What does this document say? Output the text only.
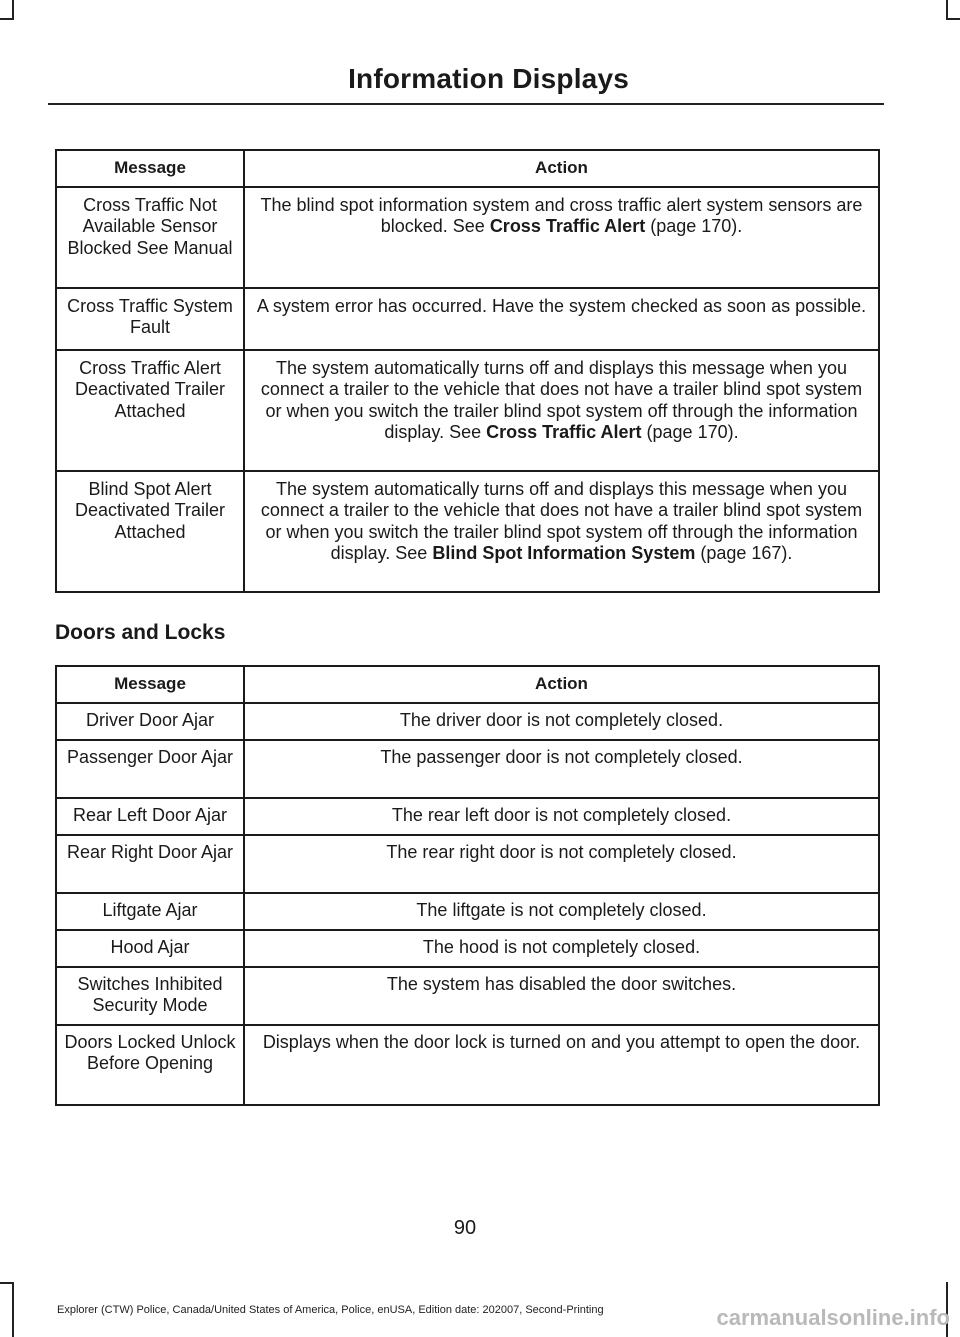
Information Displays
Message	Action
Cross Traffic Not Available Sensor Blocked See Manual	The blind spot information system and cross traffic alert system sensors are blocked. See Cross Traffic Alert (page 170).
Cross Traffic System Fault	A system error has occurred. Have the system checked as soon as possible.
Cross Traffic Alert Deactivated Trailer Attached	The system automatically turns off and displays this message when you connect a trailer to the vehicle that does not have a trailer blind spot system or when you switch the trailer blind spot system off through the information display. See Cross Traffic Alert (page 170).
Blind Spot Alert Deactivated Trailer Attached	The system automatically turns off and displays this message when you connect a trailer to the vehicle that does not have a trailer blind spot system or when you switch the trailer blind spot system off through the information display. See Blind Spot Information System (page 167).
Doors and Locks
Message	Action
Driver Door Ajar	The driver door is not completely closed.
Passenger Door Ajar	The passenger door is not completely closed.
Rear Left Door Ajar	The rear left door is not completely closed.
Rear Right Door Ajar	The rear right door is not completely closed.
Liftgate Ajar	The liftgate is not completely closed.
Hood Ajar	The hood is not completely closed.
Switches Inhibited Security Mode	The system has disabled the door switches.
Doors Locked Unlock Before Opening	Displays when the door lock is turned on and you attempt to open the door.
90
Explorer (CTW) Police, Canada/United States of America, Police, enUSA, Edition date: 202007, Second-Printing	carmanualsonline.info
